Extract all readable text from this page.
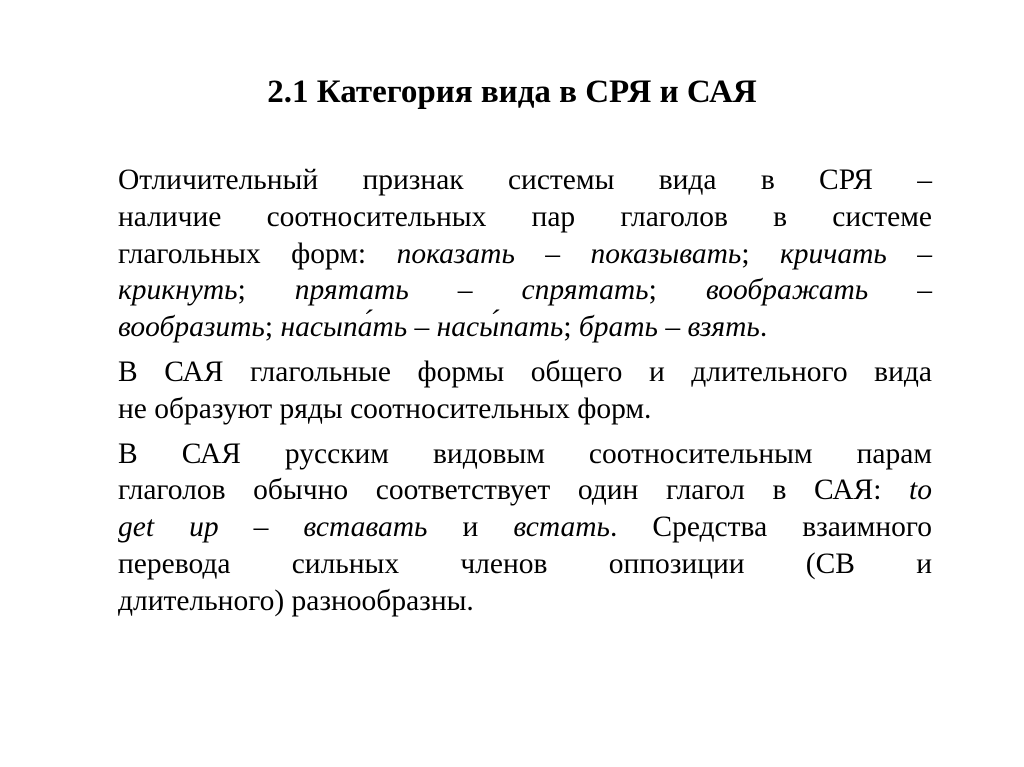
2.1 Категория вида в СРЯ и САЯ
Отличительный признак системы вида в СРЯ –
наличие соотносительных пар глаголов в системе
глагольных форм: показать – показывать; кричать –
крикнуть; прятать – спрятать; воображать –
вообразить; насыпа́ть – насы́пать; брать – взять.
В САЯ глагольные формы общего и длительного вида
не образуют ряды соотносительных форм.
В САЯ русским видовым соотносительным парам
глаголов обычно соответствует один глагол в САЯ: to
get up – вставать и встать. Средства взаимного
перевода сильных членов оппозиции (СВ и
длительного) разнообразны.
